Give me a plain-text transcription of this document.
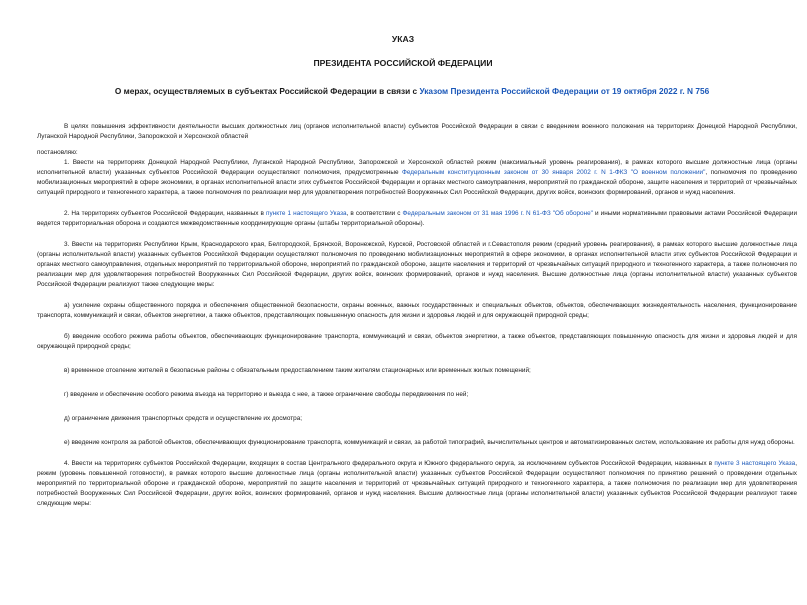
УКАЗ
ПРЕЗИДЕНТА РОССИЙСКОЙ ФЕДЕРАЦИИ
О мерах, осуществляемых в субъектах Российской Федерации в связи с Указом Президента Российской Федерации от 19 октября 2022 г. N 756

В целях повышения эффективности деятельности высших должностных лиц (органов исполнительной власти) субъектов Российской Федерации в связи с введением военного положения на территориях Донецкой Народной Республики, Луганской Народной Республики, Запорожской и Херсонской областей

постановляю:

1. Ввести на территориях Донецкой Народной Республики, Луганской Народной Республики, Запорожской и Херсонской областей режим (максимальный уровень реагирования), в рамках которого высшие должностные лица (органы исполнительной власти) указанных субъектов Российской Федерации осуществляют полномочия, предусмотренные Федеральным конституционным законом от 30 января 2002 г. N 1-ФКЗ "О военном положении", полномочия по проведению мобилизационных мероприятий в сфере экономики, в органах исполнительной власти этих субъектов Российской Федерации и органах местного самоуправления, мероприятий по гражданской обороне, защите населения и территорий от чрезвычайных ситуаций природного и техногенного характера, а также полномочия по реализации мер для удовлетворения потребностей Вооруженных Сил Российской Федерации, других войск, воинских формирований, органов и нужд населения.

2. На территориях субъектов Российской Федерации, названных в пункте 1 настоящего Указа, в соответствии с Федеральным законом от 31 мая 1996 г. N 61-ФЗ "Об обороне" и иными нормативными правовыми актами Российской Федерации ведется территориальная оборона и создаются межведомственные координирующие органы (штабы территориальной обороны).

3. Ввести на территориях Республики Крым, Краснодарского края, Белгородской, Брянской, Воронежской, Курской, Ростовской областей и г.Севастополя режим (средний уровень реагирования), в рамках которого высшие должностные лица (органы исполнительной власти) указанных субъектов Российской Федерации осуществляют полномочия по проведению мобилизационных мероприятий в сфере экономики, в органах исполнительной власти этих субъектов Российской Федерации и органах местного самоуправления, отдельных мероприятий по территориальной обороне, мероприятий по гражданской обороне, защите населения и территорий от чрезвычайных ситуаций природного и техногенного характера, а также полномочия по реализации мер для удовлетворения потребностей Вооруженных Сил Российской Федерации, других войск, воинских формирований, органов и нужд населения. Высшие должностные лица (органы исполнительной власти) указанных субъектов Российской Федерации реализуют также следующие меры:

а) усиление охраны общественного порядка и обеспечения общественной безопасности, охраны военных, важных государственных и специальных объектов, объектов, обеспечивающих жизнедеятельность населения, функционирование транспорта, коммуникаций и связи, объектов энергетики, а также объектов, представляющих повышенную опасность для жизни и здоровья людей и для окружающей природной среды;

б) введение особого режима работы объектов, обеспечивающих функционирование транспорта, коммуникаций и связи, объектов энергетики, а также объектов, представляющих повышенную опасность для жизни и здоровья людей и для окружающей природной среды;

в) временное отселение жителей в безопасные районы с обязательным предоставлением таким жителям стационарных или временных жилых помещений;

г) введение и обеспечение особого режима въезда на территорию и выезда с нее, а также ограничение свободы передвижения по ней;

д) ограничение движения транспортных средств и осуществление их досмотра;

е) введение контроля за работой объектов, обеспечивающих функционирование транспорта, коммуникаций и связи, за работой типографий, вычислительных центров и автоматизированных систем, использование их работы для нужд обороны.

4. Ввести на территориях субъектов Российской Федерации, входящих в состав Центрального федерального округа и Южного федерального округа, за исключением субъектов Российской Федерации, названных в пункте 3 настоящего Указа, режим (уровень повышенной готовности), в рамках которого высшие должностные лица (органы исполнительной власти) указанных субъектов Российской Федерации осуществляют полномочия по принятию решений о проведении отдельных мероприятий по территориальной обороне и гражданской обороне, мероприятий по защите населения и территорий от чрезвычайных ситуаций природного и техногенного характера, а также полномочия по реализации мер для удовлетворения потребностей Вооруженных Сил Российской Федерации, других войск, воинских формирований, органов и нужд населения. Высшие должностные лица (органы исполнительной власти) указанных субъектов Российской Федерации реализуют также следующие меры:
